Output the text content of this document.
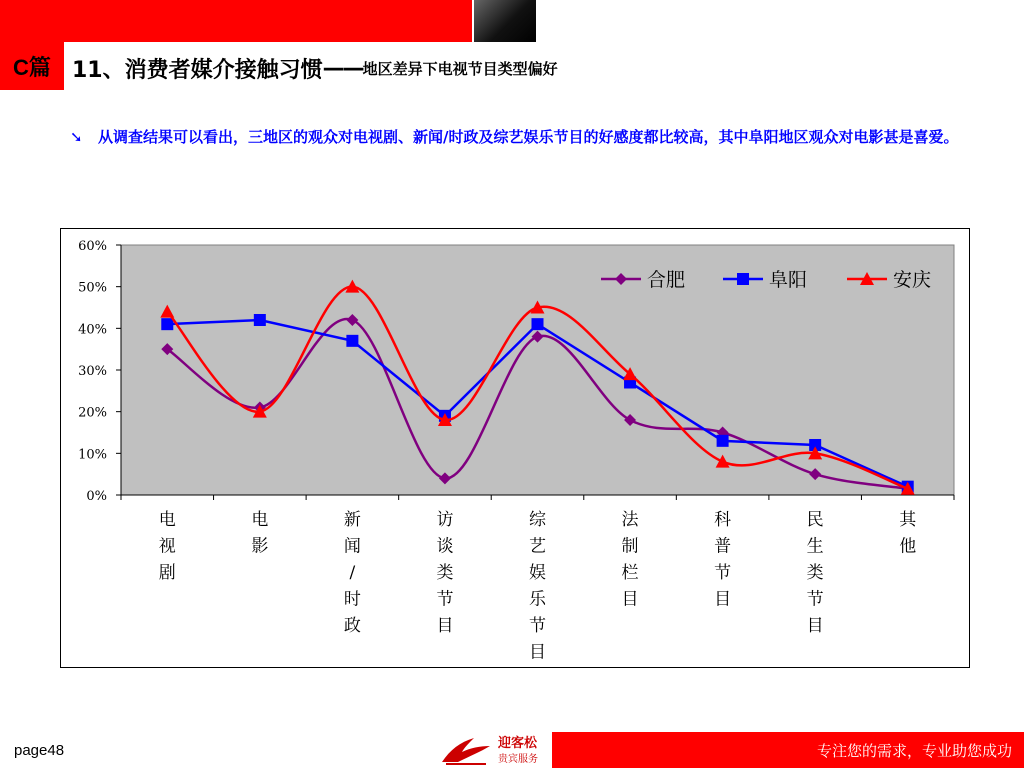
C篇 11、消费者媒介接触习惯 —— 地区差异下电视节目类型偏好
➘ 从调查结果可以看出，三地区的观众对电视剧、新闻/时政及综艺娱乐节目的好感度都比较高，其中阜阳地区观众对电影甚是喜爱。
0%
10%
20%
30%
40%
50%
60%
电视剧
电影
新闻/时政
访谈类节目
综艺娱乐节目
法制栏目
科普节目
民生类节目
其他
合肥	阜阳	安庆
迎客松
贵宾服务
page48	专注您的需求，专业助您成功
